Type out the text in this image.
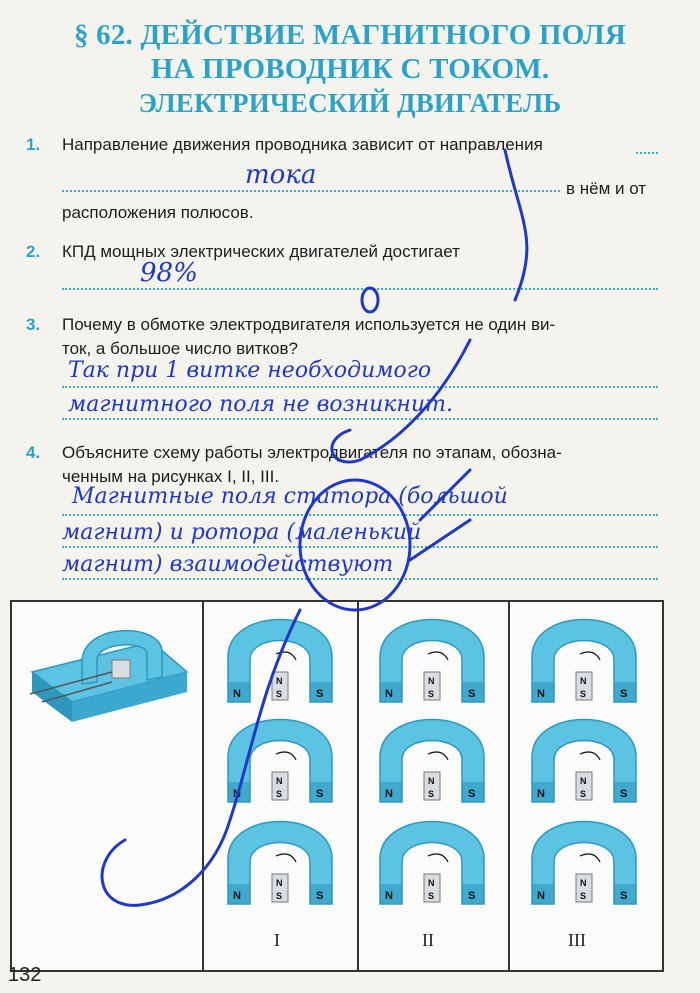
§ 62. ДЕЙСТВИЕ МАГНИТНОГО ПОЛЯ
НА ПРОВОДНИК С ТОКОМ.
ЭЛЕКТРИЧЕСКИЙ ДВИГАТЕЛЬ
1. Направление движения проводника зависит от направления
в нём и от
расположения полюсов.
тока
2. КПД мощных электрических двигателей достигает
98%
3. Почему в обмотке электродвигателя используется не один ви-
ток, а большое число витков?
Так при 1 витке необходимого
магнитного поля не возникнит.
4. Объясните схему работы электродвигателя по этапам, обозна-
ченным на рисунках I, II, III.
Магнитные поля статора (большой
магнит) и ротора (маленький
магнит) взаимодействуют
N	S
N
S
N	S
N
S
N	S
N
S
N	S
N
S
N	S
N
S
N	S
N
S
N	S
N
S
N	S
N
S
N	S
N
S
I	II	III
132
